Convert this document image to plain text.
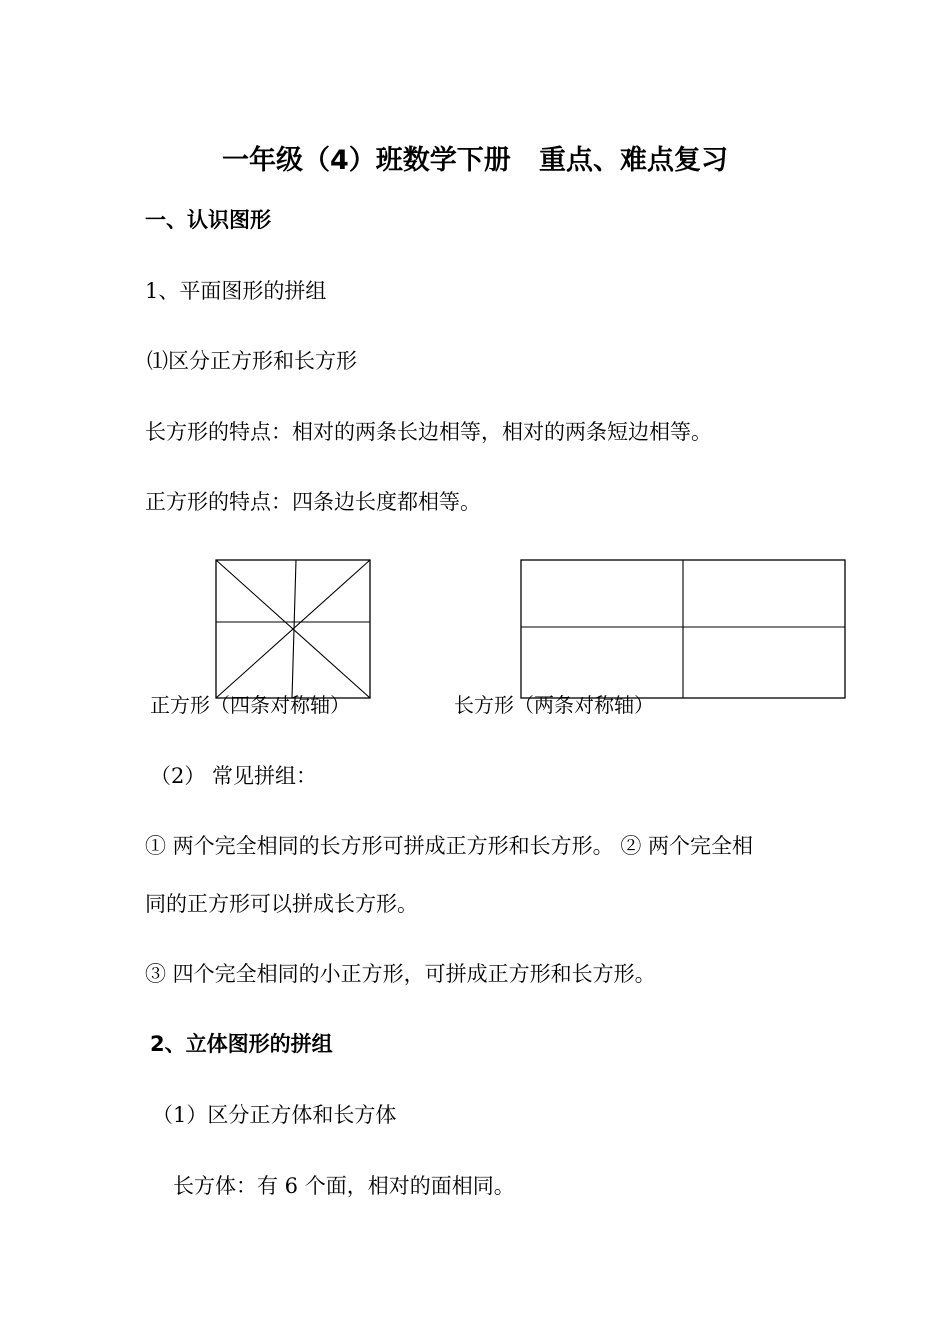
一年级（4）班数学下册   重点、难点复习
一、认识图形
1、平面图形的拼组
⑴区分正方形和长方形
长方形的特点：相对的两条长边相等，相对的两条短边相等。
正方形的特点：四条边长度都相等。
正方形（四条对称轴）	长方形（两条对称轴）
（2） 常见拼组：
① 两个完全相同的长方形可拼成正方形和长方形。 ② 两个完全相
同的正方形可以拼成长方形。
③ 四个完全相同的小正方形，可拼成正方形和长方形。
2、立体图形的拼组
（1）区分正方体和长方体
长方体：有 6 个面，相对的面相同。
